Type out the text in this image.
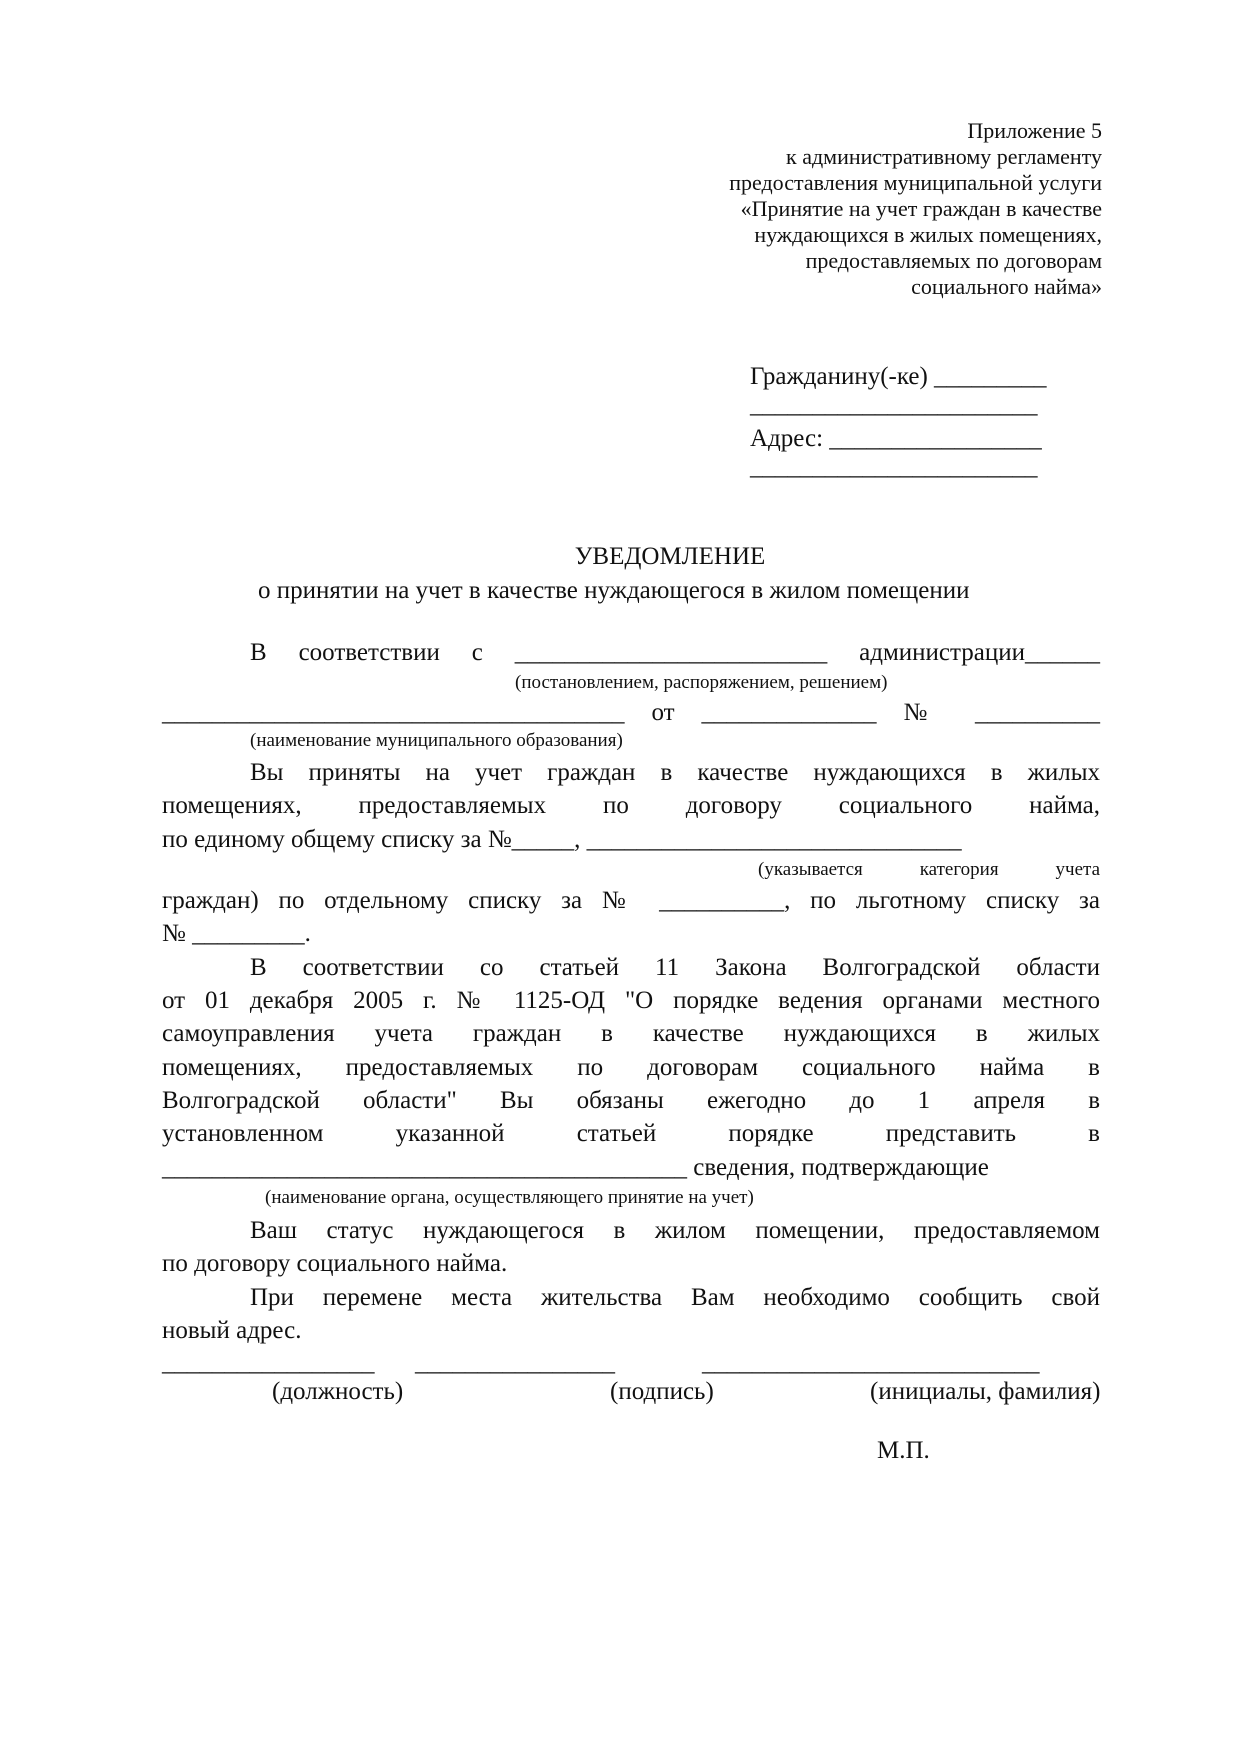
Приложение 5
к административному регламенту
предоставления муниципальной услуги
«Принятие на учет граждан в качестве
нуждающихся в жилых помещениях,
предоставляемых по договорам
социального найма»
Гражданину(-ке) _________
_______________________
Адрес: _________________
_______________________
УВЕДОМЛЕНИЕ
о принятии на учет в качестве нуждающегося в жилом помещении
В соответствии с _________________________ администрации______
(постановлением, распоряжением, решением)
_____________________________________ от ______________ № __________
(наименование муниципального образования)
Вы приняты на учет граждан в качестве нуждающихся в жилых
помещениях, предоставляемых по договору социального найма,
по единому общему списку за №_____, ______________________________
(указывается категория учета
граждан) по отдельному списку за № __________, по льготному списку за
№ _________.
В соответствии со статьей 11 Закона Волгоградской области
от 01 декабря 2005 г. № 1125-ОД "О порядке ведения органами местного
самоуправления учета граждан в качестве нуждающихся в жилых
помещениях, предоставляемых по договорам социального найма в
Волгоградской области" Вы обязаны ежегодно до 1 апреля в
установленном указанной статьей порядке представить в
__________________________________________ сведения, подтверждающие
(наименование органа, осуществляющего принятие на учет)
Ваш статус нуждающегося в жилом помещении, предоставляемом
по договору социального найма.
При перемене места жительства Вам необходимо сообщить свой
новый адрес.
_________________ ________________	___________________________
(должность)	(подпись)	(инициалы, фамилия)
М.П.
